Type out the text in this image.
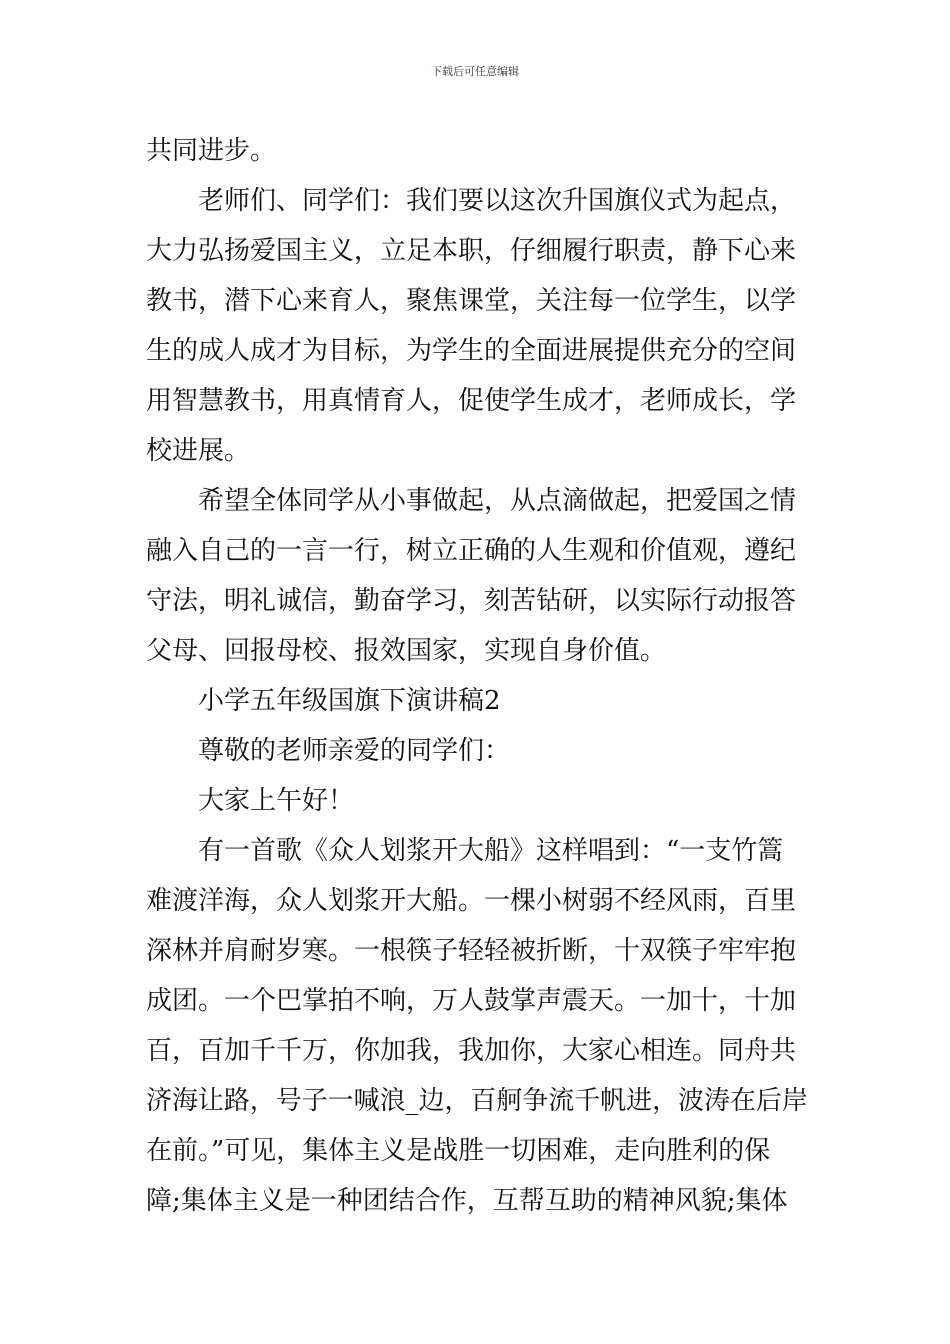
下载后可任意编辑
共同进步。
老师们、同学们：我们要以这次升国旗仪式为起点，
大力弘扬爱国主义，立足本职，仔细履行职责，静下心来
教书，潜下心来育人，聚焦课堂，关注每一位学生，以学
生的成人成才为目标，为学生的全面进展提供充分的空间
用智慧教书，用真情育人，促使学生成才，老师成长，学
校进展。
希望全体同学从小事做起，从点滴做起，把爱国之情
融入自己的一言一行，树立正确的人生观和价值观，遵纪
守法，明礼诚信，勤奋学习，刻苦钻研，以实际行动报答
父母、回报母校、报效国家，实现自身价值。
小学五年级国旗下演讲稿2
尊敬的老师亲爱的同学们：
大家上午好！
有一首歌《众人划浆开大船》这样唱到：“一支竹篙
难渡洋海，众人划浆开大船。一棵小树弱不经风雨，百里
深林并肩耐岁寒。一根筷子轻轻被折断，十双筷子牢牢抱
成团。一个巴掌拍不响，万人鼓掌声震天。一加十，十加
百，百加千千万，你加我，我加你，大家心相连。同舟共
济海让路，号子一喊浪_边，百舸争流千帆进，波涛在后岸
在前。”可见，集体主义是战胜一切困难，走向胜利的保
障;集体主义是一种团结合作，互帮互助的精神风貌;集体
